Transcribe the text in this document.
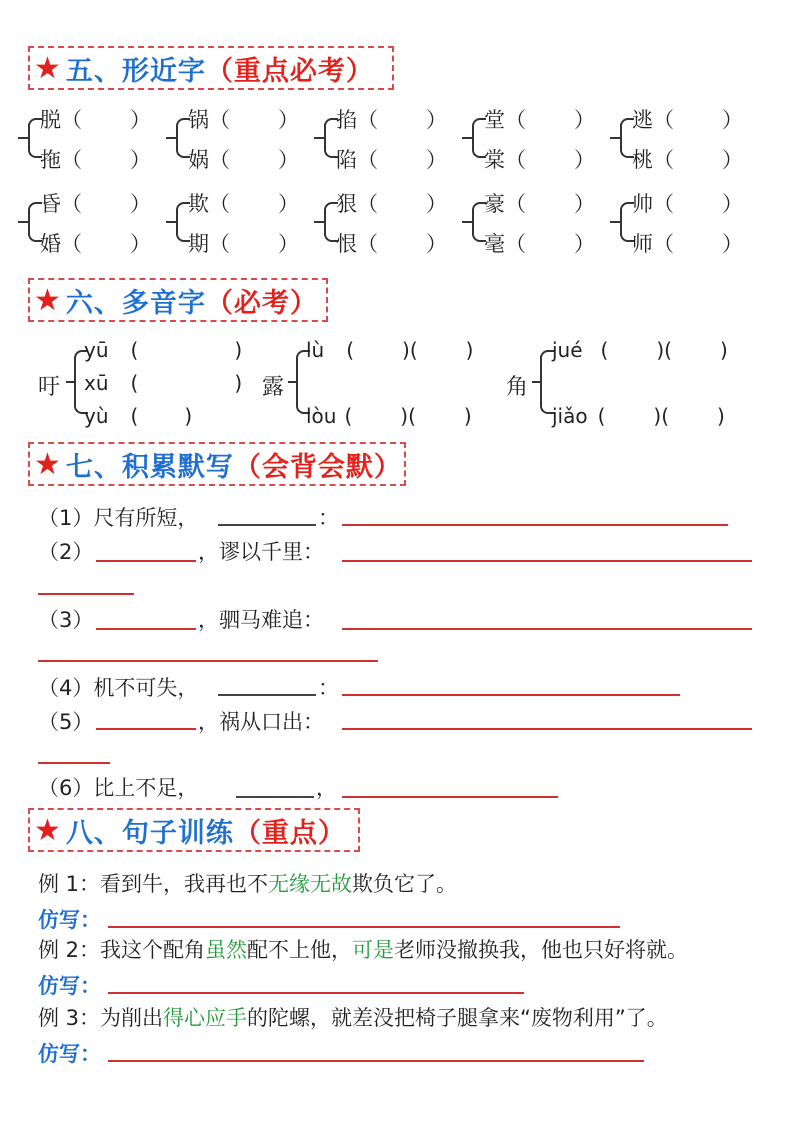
★ 五、形近字 （重点必考）
脱（　　）
拖（　　）
锅（　　）
娲（　　）
掐（　　）
陷（　　）
堂（　　）
棠（　　）
逃（　　）
桃（　　）
昏（　　）
婚（　　）
欺（　　）
期（　　）
狠（　　）
恨（　　）
豪（　　）
毫（　　）
帅（　　）
师（　　）
★ 六、多音字 （必考）
吁
yū (	)
xū (	)
yù ( )
露
lù ( )( )
lòu ( )( )
角
jué ( )( )
jiǎo ( )( )
★ 七、积累默写 （会背会默）
（1）尺有所短，	：
（2）	，谬以千里：
（3）	，驷马难追：
（4）机不可失，	：
（5）	，祸从口出：
（6）比上不足，	，
★ 八、句子训练 （重点）
例 1：看到牛，我再也不无缘无故欺负它了。
仿写：
例 2：我这个配角虽然配不上他，可是老师没撤换我，他也只好将就。
仿写：
例 3：为削出得心应手的陀螺，就差没把椅子腿拿来“废物利用”了。
仿写：
